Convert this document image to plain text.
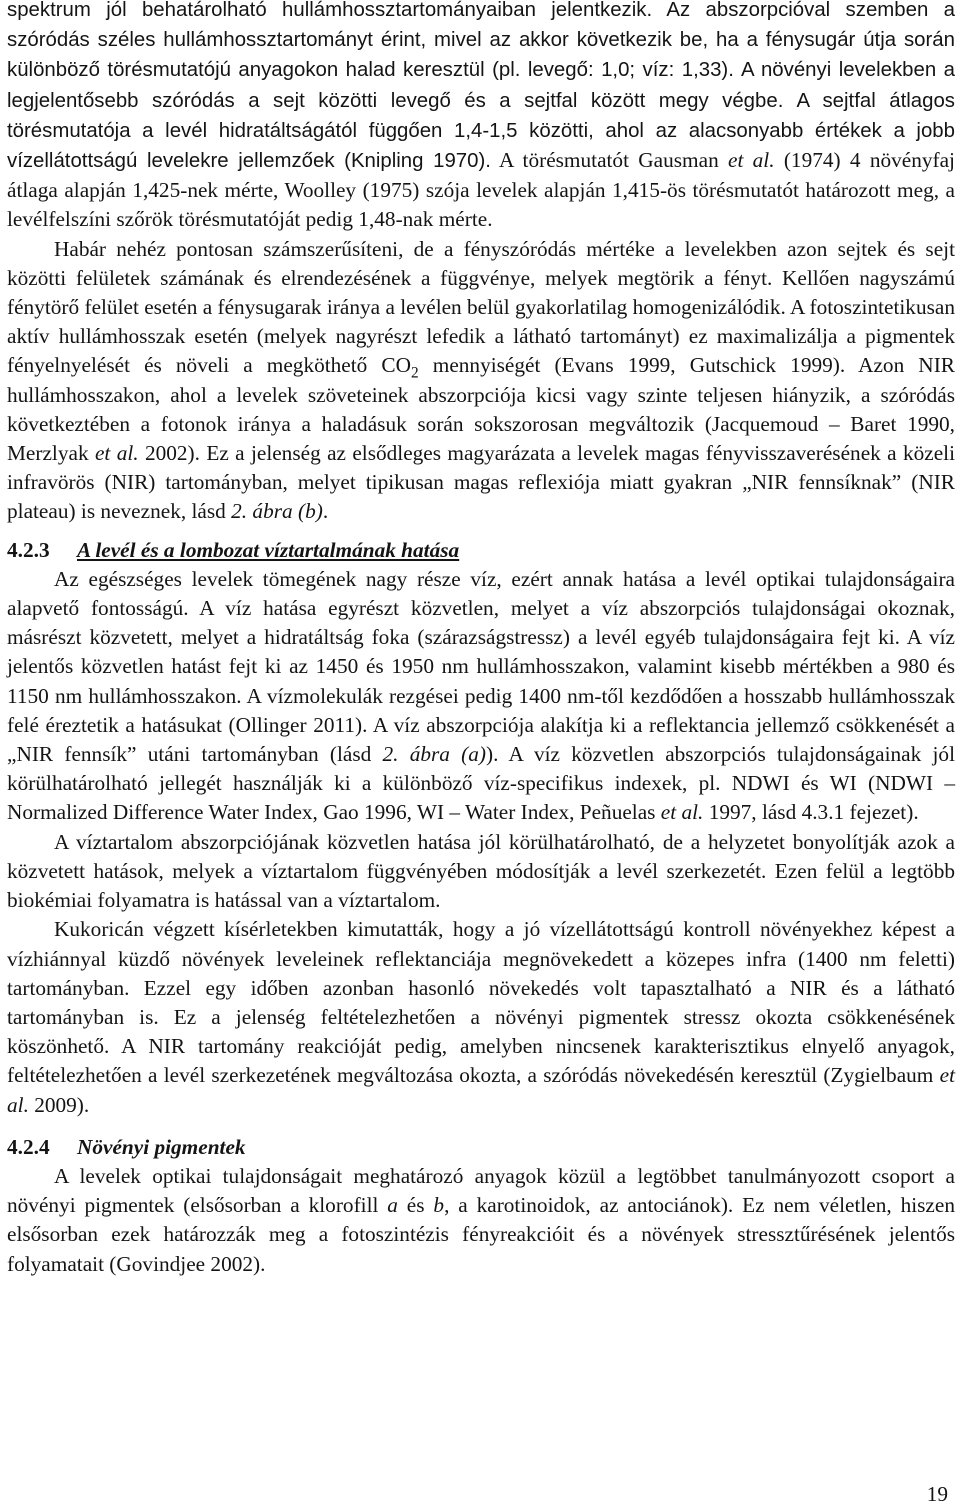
spektrum jól behatárolható hullámhossztartományaiban jelentkezik. Az abszorpcióval szemben a szóródás széles hullámhossztartományt érint, mivel az akkor következik be, ha a fénysugár útja során különböző törésmutatójú anyagokon halad keresztül (pl. levegő: 1,0; víz: 1,33). A növényi levelekben a legjelentősebb szóródás a sejt közötti levegő és a sejtfal között megy végbe. A sejtfal átlagos törésmutatója a levél hidratáltságától függően 1,4-1,5 közötti, ahol az alacsonyabb értékek a jobb vízellátottságú levelekre jellemzőek (Knipling 1970). A törésmutatót Gausman et al. (1974) 4 növényfaj átlaga alapján 1,425-nek mérte, Woolley (1975) szója levelek alapján 1,415-ös törésmutatót határozott meg, a levélfelszíni szőrök törésmutatóját pedig 1,48-nak mérte.

Habár nehéz pontosan számszerűsíteni, de a fényszóródás mértéke a levelekben azon sejtek és sejt közötti felületek számának és elrendezésének a függvénye, melyek megtörik a fényt. Kellően nagyszámú fénytörő felület esetén a fénysugarak iránya a levélen belül gyakorlatilag homogenizálódik. A fotoszintetikusan aktív hullámhosszak esetén (melyek nagyrészt lefedik a látható tartományt) ez maximalizálja a pigmentek fényelnyelését és növeli a megköthető $CO_2$ mennyiségét (Evans 1999, Gutschick 1999). Azon NIR hullámhosszakon, ahol a levelek szöveteinek abszorpciója kicsi vagy szinte teljesen hiányzik, a szóródás következtében a fotonok iránya a haladásuk során sokszorosan megváltozik (Jacquemoud – Baret 1990, Merzlyak et al. 2002). Ez a jelenség az elsődleges magyarázata a levelek magas fényvisszaverésének a közeli infravörös (NIR) tartományban, melyet tipikusan magas reflexiója miatt gyakran „NIR fennsíknak” (NIR plateau) is neveznek, lásd 2. ábra (b).

4.2.3 A levél és a lombozat víztartalmának hatása

Az egészséges levelek tömegének nagy része víz, ezért annak hatása a levél optikai tulajdonságaira alapvető fontosságú. A víz hatása egyrészt közvetlen, melyet a víz abszorpciós tulajdonságai okoznak, másrészt közvetett, melyet a hidratáltság foka (szárazságstressz) a levél egyéb tulajdonságaira fejt ki. A víz jelentős közvetlen hatást fejt ki az 1450 és 1950 nm hullámhosszakon, valamint kisebb mértékben a 980 és 1150 nm hullámhosszakon. A vízmolekulák rezgései pedig 1400 nm-től kezdődően a hosszabb hullámhosszak felé éreztetik a hatásukat (Ollinger 2011). A víz abszorpciója alakítja ki a reflektancia jellemző csökkenését a „NIR fennsík” utáni tartományban (lásd 2. ábra (a)). A víz közvetlen abszorpciós tulajdonságainak jól körülhatárolható jellegét használják ki a különböző víz-specifikus indexek, pl. NDWI és WI (NDWI – Normalized Difference Water Index, Gao 1996, WI – Water Index, Peñuelas et al. 1997, lásd 4.3.1 fejezet).

A víztartalom abszorpciójának közvetlen hatása jól körülhatárolható, de a helyzetet bonyolítják azok a közvetett hatások, melyek a víztartalom függvényében módosítják a levél szerkezetét. Ezen felül a legtöbb biokémiai folyamatra is hatással van a víztartalom.

Kukoricán végzett kísérletekben kimutatták, hogy a jó vízellátottságú kontroll növényekhez képest a vízhiánnyal küzdő növények leveleinek reflektanciája megnövekedett a közepes infra (1400 nm feletti) tartományban. Ezzel egy időben azonban hasonló növekedés volt tapasztalható a NIR és a látható tartományban is. Ez a jelenség feltételezhetően a növényi pigmentek stressz okozta csökkenésének köszönhető. A NIR tartomány reakcióját pedig, amelyben nincsenek karakterisztikus elnyelő anyagok, feltételezhetően a levél szerkezetének megváltozása okozta, a szóródás növekedésén keresztül (Zygielbaum et al. 2009).

4.2.4 Növényi pigmentek

A levelek optikai tulajdonságait meghatározó anyagok közül a legtöbbet tanulmányozott csoport a növényi pigmentek (elsősorban a klorofill a és b, a karotinoidok, az antociánok). Ez nem véletlen, hiszen elsősorban ezek határozzák meg a fotoszintézis fényreakcióit és a növények stressztűrésének jelentős folyamatait (Govindjee 2002).

19
